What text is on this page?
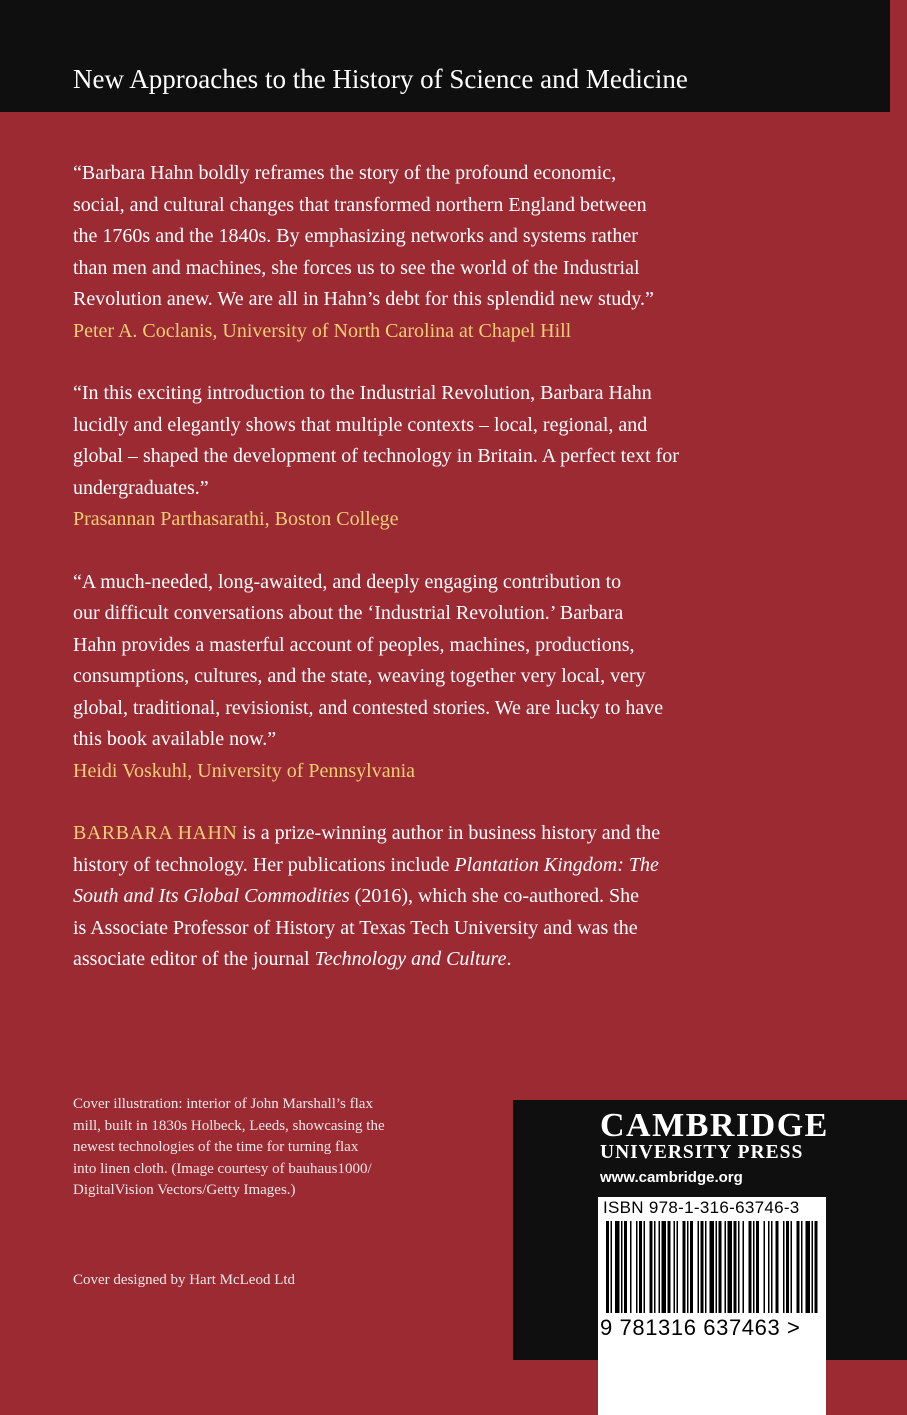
New Approaches to the History of Science and Medicine

“Barbara Hahn boldly reframes the story of the profound economic,

social, and cultural changes that transformed northern England between

the 1760s and the 1840s. By emphasizing networks and systems rather

than men and machines, she forces us to see the world of the Industrial

Revolution anew. We are all in Hahn’s debt for this splendid new study.”

Peter A. Coclanis, University of North Carolina at Chapel Hill

“In this exciting introduction to the Industrial Revolution, Barbara Hahn

lucidly and elegantly shows that multiple contexts – local, regional, and

global – shaped the development of technology in Britain. A perfect text for

undergraduates.”

Prasannan Parthasarathi, Boston College

“A much-needed, long-awaited, and deeply engaging contribution to

our difficult conversations about the ‘Industrial Revolution.’ Barbara

Hahn provides a masterful account of peoples, machines, productions,

consumptions, cultures, and the state, weaving together very local, very

global, traditional, revisionist, and contested stories. We are lucky to have

this book available now.”

Heidi Voskuhl, University of Pennsylvania

BARBARA HAHN is a prize-winning author in business history and the

history of technology. Her publications include Plantation Kingdom: The

South and Its Global Commodities (2016), which she co-authored. She

is Associate Professor of History at Texas Tech University and was the

associate editor of the journal Technology and Culture.

Cover illustration: interior of John Marshall’s flax
mill, built in 1830s Holbeck, Leeds, showcasing the
newest technologies of the time for turning flax
into linen cloth. (Image courtesy of bauhaus1000/
DigitalVision Vectors/Getty Images.)
Cover designed by Hart McLeod Ltd
CAMBRIDGE
UNIVERSITY PRESS
www.cambridge.org
ISBN 978-1-316-63746-3
9 781316 637463 >
